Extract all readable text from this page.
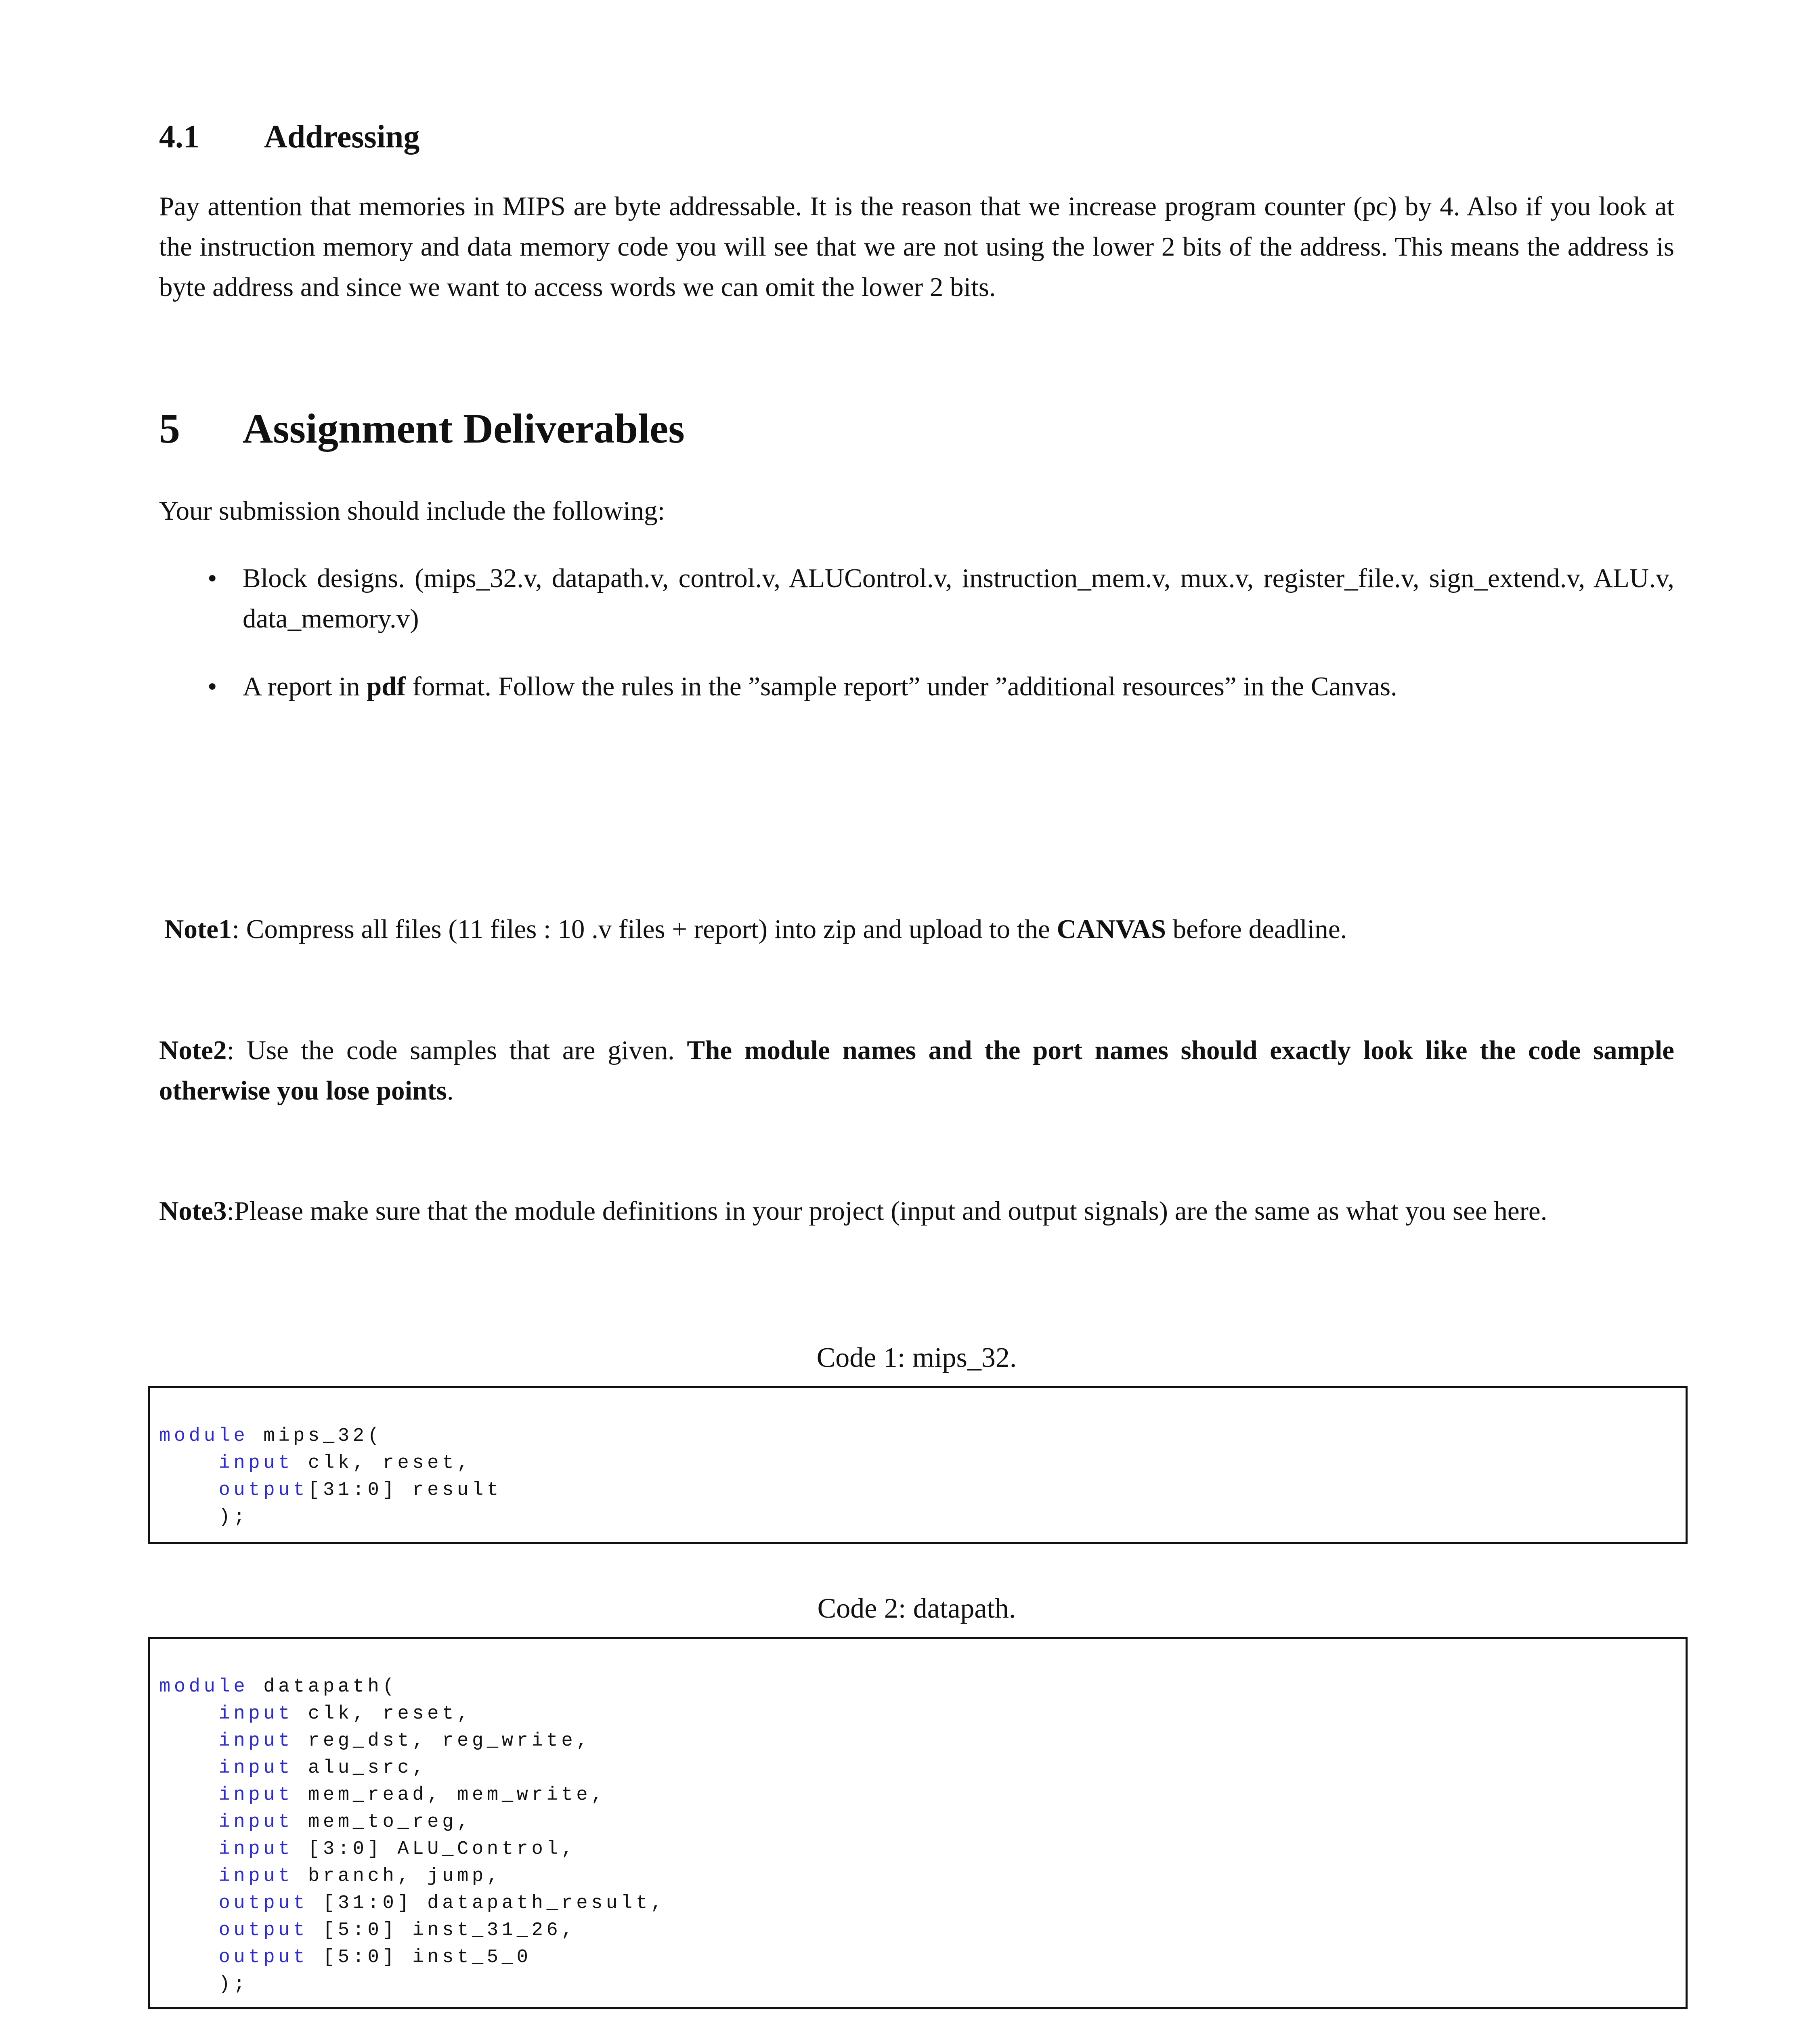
4.1 Addressing
Pay attention that memories in MIPS are byte addressable. It is the reason that we increase program counter (pc) by 4. Also if you look at the instruction memory and data memory code you will see that we are not using the lower 2 bits of the address. This means the address is byte address and since we want to access words we can omit the lower 2 bits.
5 Assignment Deliverables
Your submission should include the following:
• Block designs. (mips_32.v, datapath.v, control.v, ALUControl.v, instruction_mem.v, mux.v, register_file.v, sign_extend.v, ALU.v, data_memory.v)
• A report in pdf format. Follow the rules in the ”sample report” under ”additional resources” in the Canvas.
Note1: Compress all files (11 files : 10 .v files + report) into zip and upload to the CANVAS before deadline.
Note2: Use the code samples that are given. The module names and the port names should exactly look like the code sample otherwise you lose points.
Note3:Please make sure that the module definitions in your project (input and output signals) are the same as what you see here.
Code 1: mips_32.
module mips_32(
input clk, reset,
output[31:0] result
);
Code 2: datapath.
module datapath(
input clk, reset,
input reg_dst, reg_write,
input alu_src,
input mem_read, mem_write,
input mem_to_reg,
input [3:0] ALU_Control,
input branch, jump,
output [31:0] datapath_result,
output [5:0] inst_31_26,
output [5:0] inst_5_0
);
